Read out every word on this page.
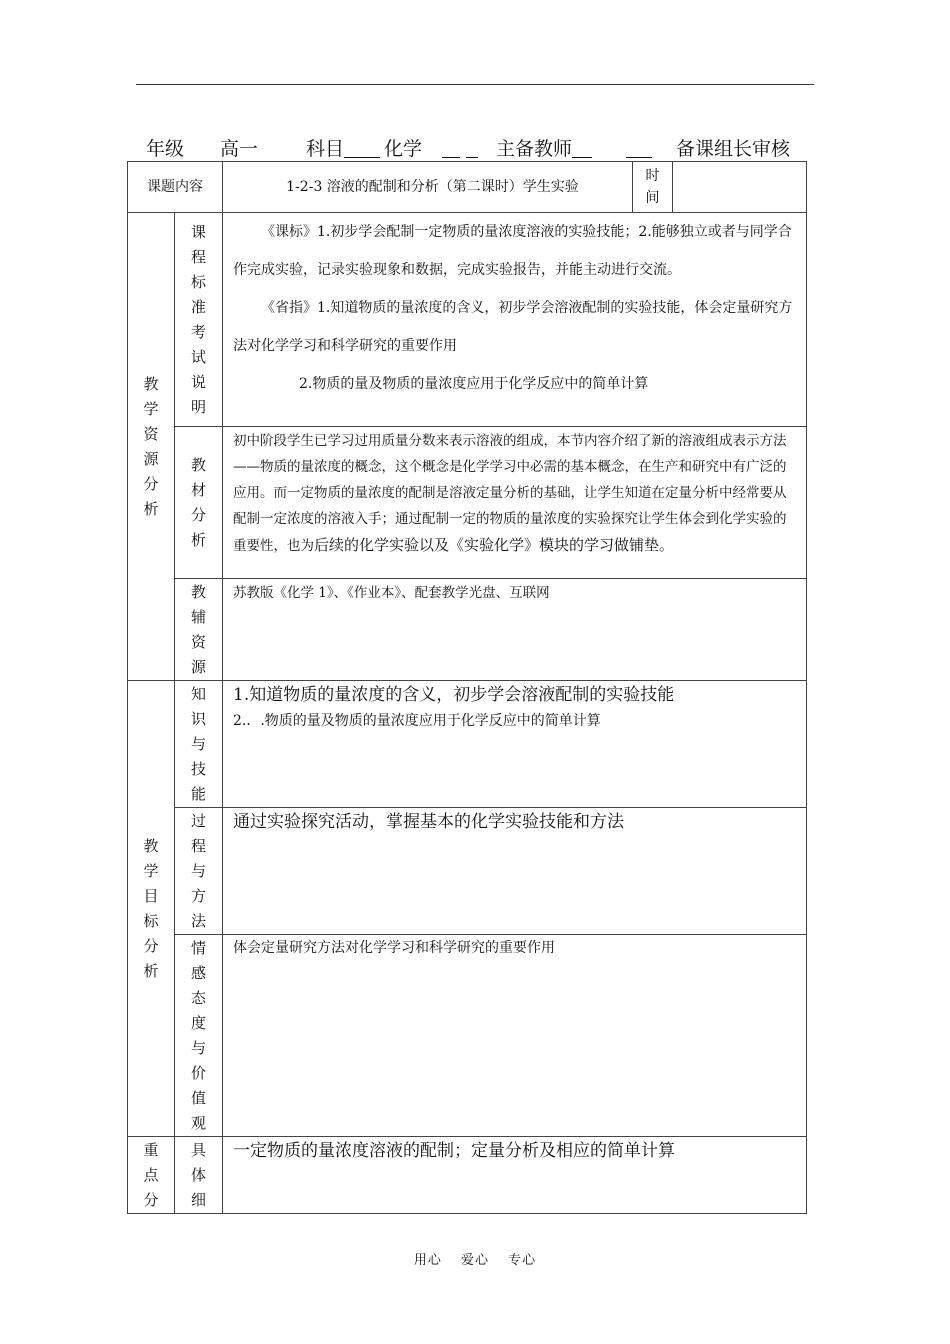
年级 高一	科目 化学	主备教师	备课组长审核
课题内容		1-2-3 溶液的配制和分析（第二课时）学生实验	时间	

教学资源分析	课程标准考试说明	《课标》1.初步学会配制一定物质的量浓度溶液的实验技能；2.能够独立或者与同学合作完成实验，记录实验现象和数据，完成实验报告，并能主动进行交流。
《省指》1.知道物质的量浓度的含义，初步学会溶液配制的实验技能，体会定量研究方法对化学学习和科学研究的重要作用
2.物质的量及物质的量浓度应用于化学反应中的简单计算		

	教材分析	初中阶段学生已学习过用质量分数来表示溶液的组成，本节内容介绍了新的溶液组成表示方法——物质的量浓度的概念，这个概念是化学学习中必需的基本概念，在生产和研究中有广泛的应用。而一定物质的量浓度的配制是溶液定量分析的基础，让学生知道在定量分析中经常要从配制一定浓度的溶液入手；通过配制一定的物质的量浓度的实验探究让学生体会到化学实验的重要性，也为后续的化学实验以及《实验化学》模块的学习做铺垫。		

	教辅资源	苏教版《化学 1》、《作业本》、配套教学光盘、互联网		

教学目标分析	知识与技能	1.知道物质的量浓度的含义，初步学会溶液配制的实验技能
2.．.物质的量及物质的量浓度应用于化学反应中的简单计算		

	过程与方法	通过实验探究活动，掌握基本的化学实验技能和方法		

	情感态度与价值观	体会定量研究方法对化学学习和科学研究的重要作用		

重点分	具体细	一定物质的量浓度溶液的配制；定量分析及相应的简单计算		
用心 爱心 专心
